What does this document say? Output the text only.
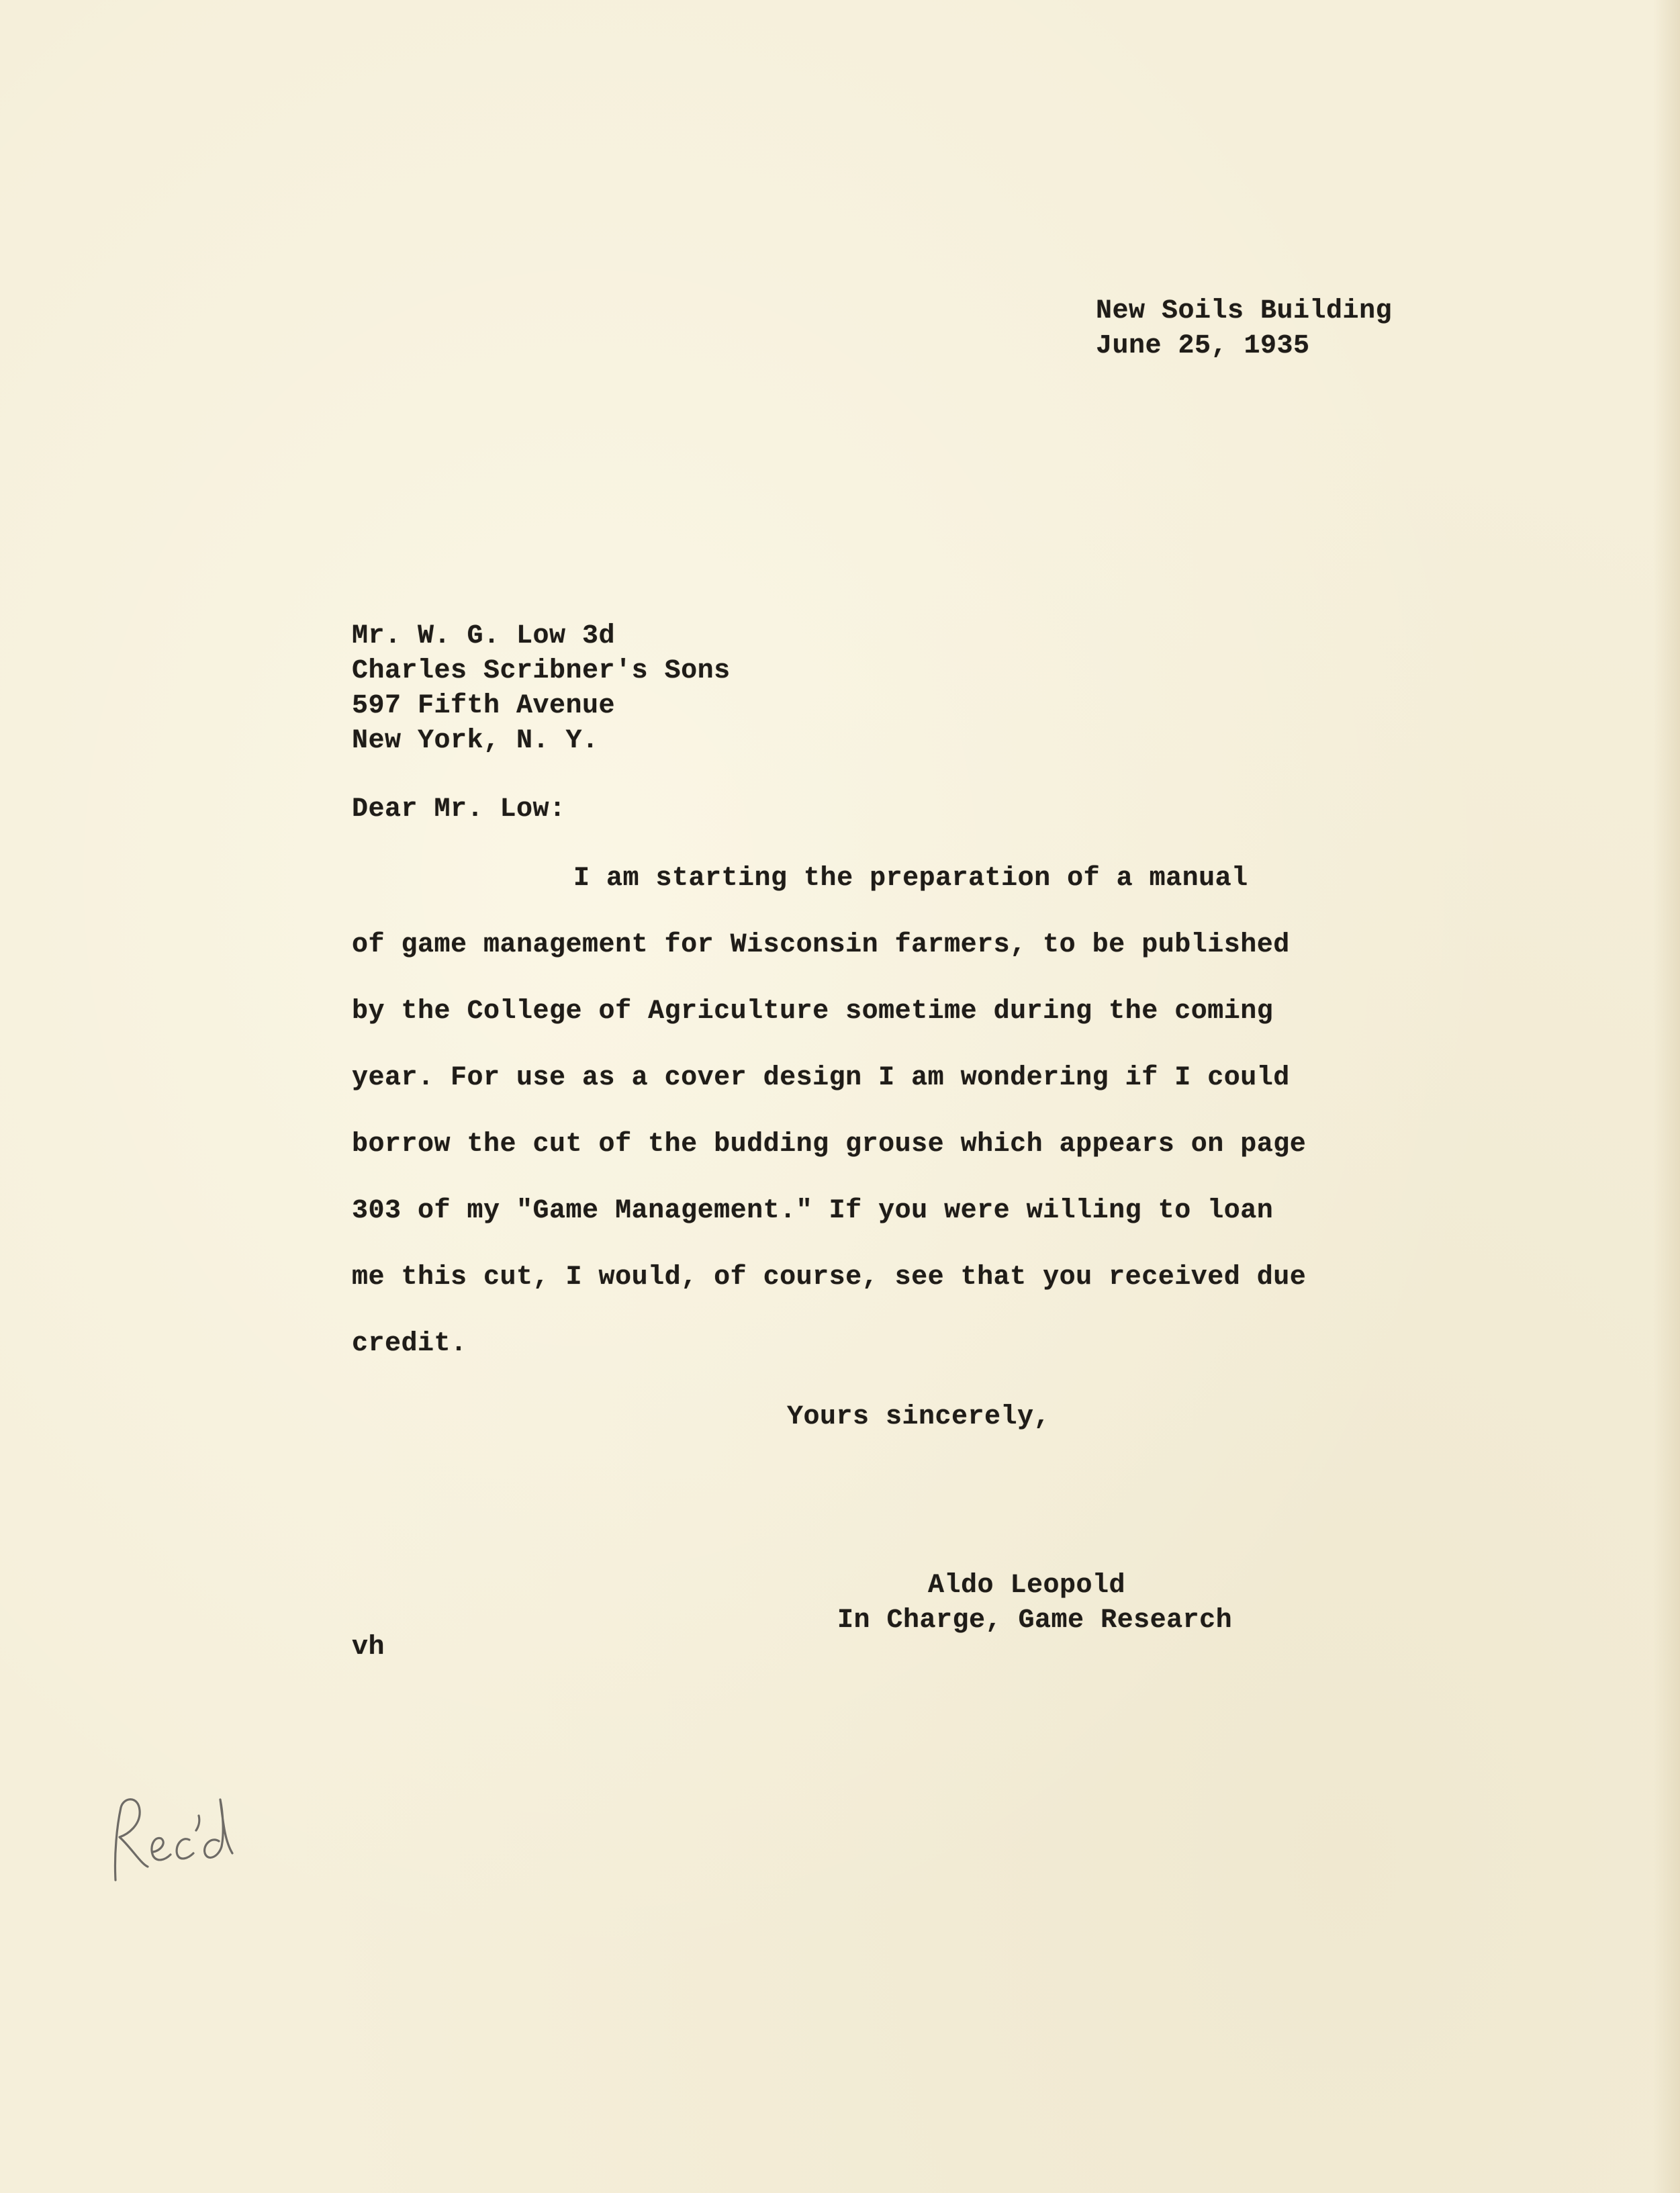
New Soils Building
June 25, 1935
Mr. W. G. Low 3d
Charles Scribner's Sons
597 Fifth Avenue
New York, N. Y.
Dear Mr. Low:
I am starting the preparation of a manual
of game management for Wisconsin farmers, to be published
by the College of Agriculture sometime during the coming
year. For use as a cover design I am wondering if I could
borrow the cut of the budding grouse which appears on page
303 of my "Game Management." If you were willing to loan
me this cut, I would, of course, see that you received due
credit.
Yours sincerely,
Aldo Leopold
In Charge, Game Research
vh
